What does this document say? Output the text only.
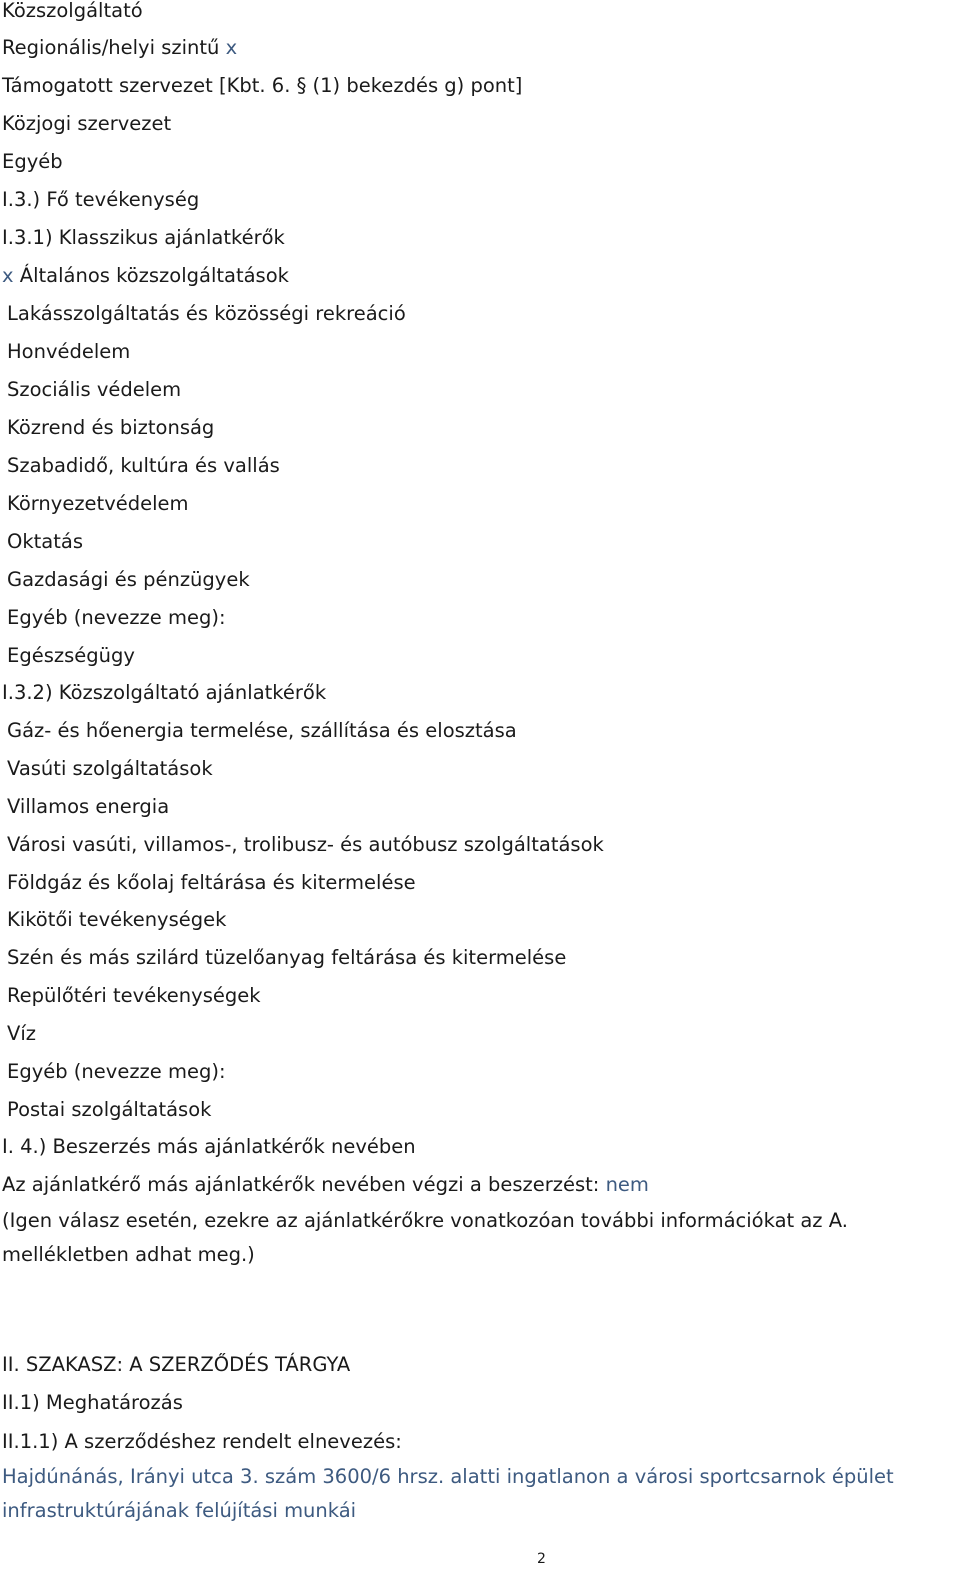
Közszolgáltató
Regionális/helyi szintű x
Támogatott szervezet [Kbt. 6. § (1) bekezdés g) pont]
Közjogi szervezet
Egyéb
I.3.) Fő tevékenység
I.3.1) Klasszikus ajánlatkérők
x Általános közszolgáltatások
Lakásszolgáltatás és közösségi rekreáció
Honvédelem
Szociális védelem
Közrend és biztonság
Szabadidő, kultúra és vallás
Környezetvédelem
Oktatás
Gazdasági és pénzügyek
Egyéb (nevezze meg):
Egészségügy
I.3.2) Közszolgáltató ajánlatkérők
Gáz- és hőenergia termelése, szállítása és elosztása
Vasúti szolgáltatások
Villamos energia
Városi vasúti, villamos-, trolibusz- és autóbusz szolgáltatások
Földgáz és kőolaj feltárása és kitermelése
Kikötői tevékenységek
Szén és más szilárd tüzelőanyag feltárása és kitermelése
Repülőtéri tevékenységek
Víz
Egyéb (nevezze meg):
Postai szolgáltatások
I. 4.) Beszerzés más ajánlatkérők nevében
Az ajánlatkérő más ajánlatkérők nevében végzi a beszerzést: nem
(Igen válasz esetén, ezekre az ajánlatkérőkre vonatkozóan további információkat az A. mellékletben adhat meg.)
II. SZAKASZ: A SZERZŐDÉS TÁRGYA
II.1) Meghatározás
II.1.1) A szerződéshez rendelt elnevezés:
Hajdúnánás, Irányi utca 3. szám 3600/6 hrsz. alatti ingatlanon a városi sportcsarnok épület infrastruktúrájának felújítási munkái
2
